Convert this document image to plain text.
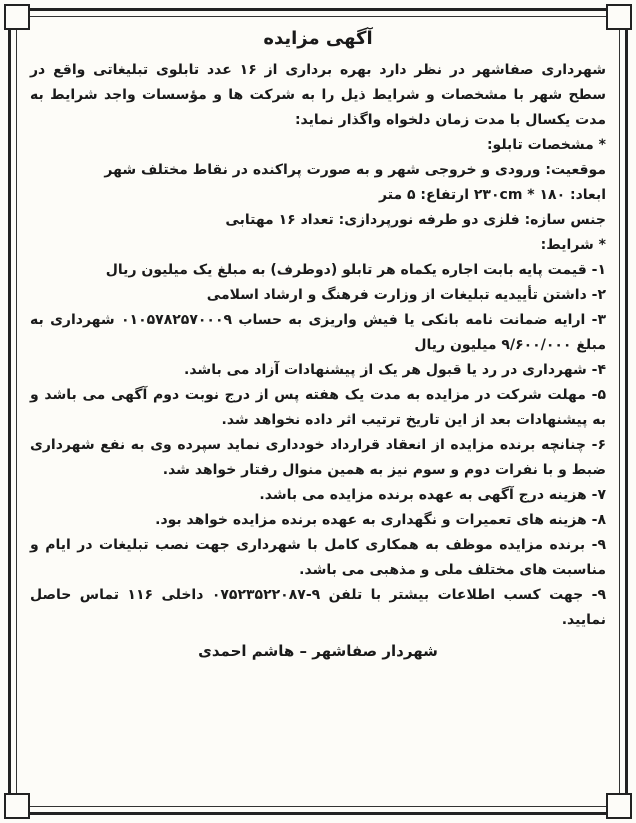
آگهی مزایده

شهرداری صفاشهر در نظر دارد بهره برداری از ۱۶ عدد تابلوی تبلیغاتی واقع در سطح شهر با مشخصات و شرایط ذیل را به شرکت ها و مؤسسات واجد شرایط به مدت یکسال با مدت زمان دلخواه واگذار نماید:

* مشخصات تابلو:

موقعیت: ورودی و خروجی شهر و به صورت پراکنده در نقاط مختلف شهر

ابعاد: ۲۳۰cm * ۱۸۰ ارتفاع: ۵ متر

جنس سازه: فلزی دو طرفه نورپردازی: تعداد ۱۶ مهتابی

* شرایط:

۱- قیمت پایه بابت اجاره یکماه هر تابلو (دوطرف) به مبلغ یک میلیون ریال

۲- داشتن تأییدیه تبلیغات از وزارت فرهنگ و ارشاد اسلامی

۳- ارایه ضمانت نامه بانکی یا فیش واریزی به حساب ۰۱۰۵۷۸۲۵۷۰۰۰۹ شهرداری به مبلغ ۹/۶۰۰/۰۰۰ میلیون ریال

۴- شهرداری در رد یا قبول هر یک از پیشنهادات آزاد می باشد.

۵- مهلت شرکت در مزایده به مدت یک هفته پس از درج نوبت دوم آگهی می باشد و به پیشنهادات بعد از این تاریخ ترتیب اثر داده نخواهد شد.

۶- چنانچه برنده مزایده از انعقاد قرارداد خودداری نماید سپرده وی به نفع شهرداری ضبط و با نفرات دوم و سوم نیز به همین منوال رفتار خواهد شد.

۷- هزینه درج آگهی به عهده برنده مزایده می باشد.

۸- هزینه های تعمیرات و نگهداری به عهده برنده مزایده خواهد بود.

۹- برنده مزایده موظف به همکاری کامل با شهرداری جهت نصب تبلیغات در ایام و مناسبت های مختلف ملی و مذهبی می باشد.

۹- جهت کسب اطلاعات بیشتر با تلفن ۹-۰۷۵۲۳۵۲۲۰۸۷ داخلی ۱۱۶ تماس حاصل نمایید.

شهردار صفاشهر – هاشم احمدی
